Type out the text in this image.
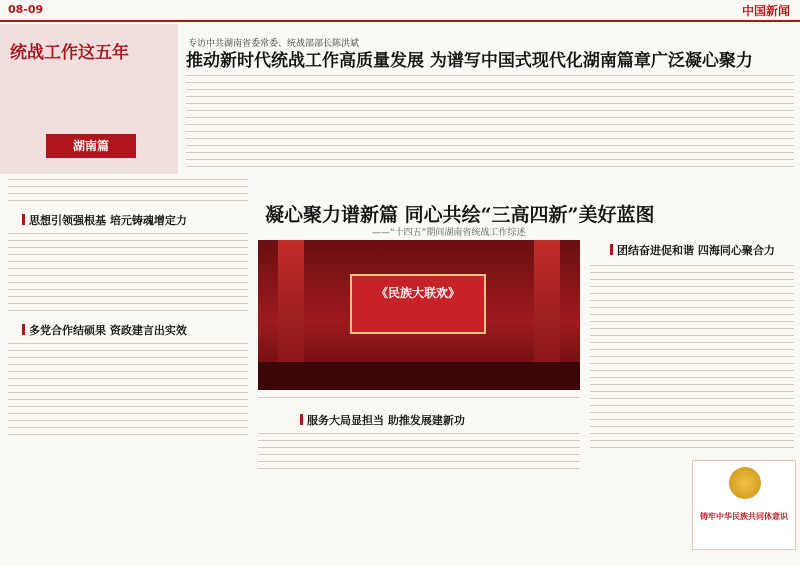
08-09	中国新闻
统战工作这五年
湖南篇
专访中共湖南省委常委、统战部部长陈洪斌
推动新时代统战工作高质量发展 为谱写中国式现代化湖南篇章广泛凝心聚力
凝心聚力谱新篇 同心共绘“三高四新”美好蓝图
——“十四五”期间湖南省统战工作综述
《民族大联欢》
思想引领强根基 培元铸魂增定力
多党合作结硕果 资政建言出实效
服务大局显担当 助推发展建新功
团结奋进促和谐 四海同心聚合力
铸牢中华民族共同体意识
